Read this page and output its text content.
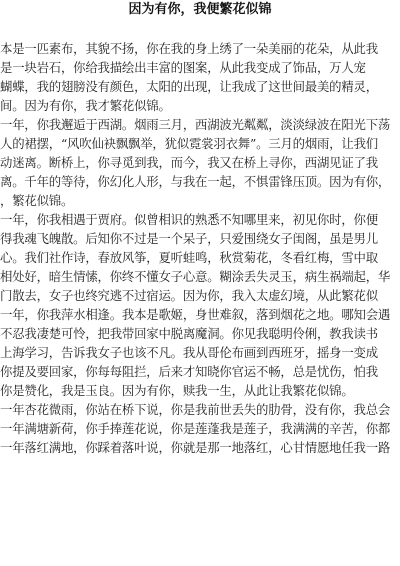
因为有你，我便繁花似锦
本是一匹素布，其貌不扬，你在我的身上绣了一朵美丽的花朵，从此我
是一块岩石，你给我描绘出丰富的图案，从此我变成了饰品，万人宠
蝴蝶，我的翅膀没有颜色，太阳的出现，让我成了这世间最美的精灵，
间。因为有你，我才繁花似锦。
一年，你我邂逅于西湖。烟雨三月，西湖波光粼粼，淡淡绿波在阳光下荡
人的裙摆，“风吹仙袂飘飘举，犹似霓裳羽衣舞”。三月的烟雨，让我们
动迷离。断桥上，你寻觅到我，而今，我又在桥上寻你，西湖见证了我
离。千年的等待，你幻化人形，与我在一起，不惧雷锋压顶。因为有你，
，繁花似锦。
一年，你我相遇于贾府。似曾相识的熟悉不知哪里来，初见你时，你便
得我魂飞魄散。后知你不过是一个呆子，只爱围绕女子闺阁，虽是男儿
心。我们社作诗，春放风筝，夏听蛙鸣，秋赏菊花，冬看红梅，雪中取
相处好，暗生情愫，你终不懂女子心意。糊涂丢失灵玉，病生祸端起，华
门散去，女子也终究逃不过宿运。因为你，我入太虚幻境，从此繁花似
一年，你我萍水相逢。我本是歌姬，身世难叙，落到烟花之地。哪知会遇
不忍我凄楚可怜，把我带回家中脱离魔洞。你见我聪明伶俐，教我读书
上海学习，告诉我女子也该不凡。我从哥伦布画到西班牙，摇身一变成
你提及要回家，你每每阻拦，后来才知晓你官运不畅，总是忧伤，怕我
你是赞化，我是玉良。因为有你，赎我一生，从此让我繁花似锦。
一年杏花微雨，你站在桥下说，你是我前世丢失的肋骨，没有你，我总会
一年满塘新荷，你手捧莲花说，你是莲蓬我是莲子，我满满的辛苦，你都
一年落红满地，你踩着落叶说，你就是那一地落红，心甘情愿地任我一路
